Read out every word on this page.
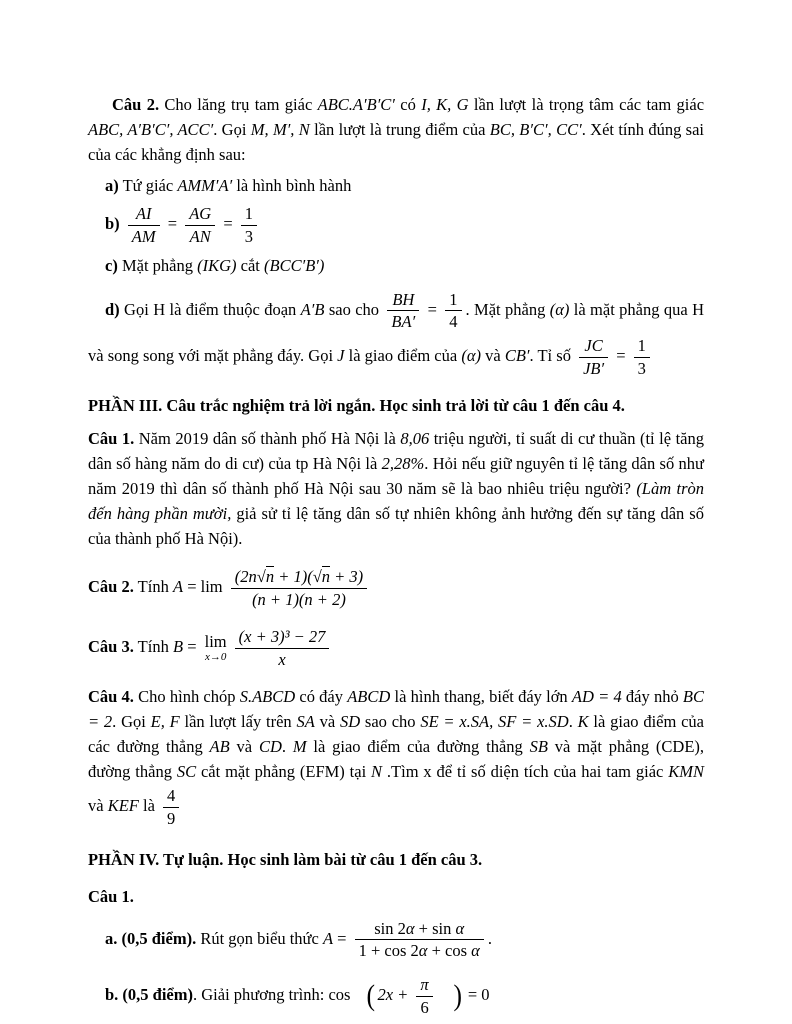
Câu 2. Cho lăng trụ tam giác ABC.A′B′C′ có I, K, G lần lượt là trọng tâm các tam giác ABC, A′B′C′, ACC′. Gọi M, M′, N lần lượt là trung điểm của BC, B′C′, CC′. Xét tính đúng sai của các khẳng định sau:
a) Tứ giác AMM′A′ là hình bình hành
$b) \frac{AI}{AM} = \frac{AG}{AN} = \frac{1}{3}$
c) Mặt phẳng (IKG) cắt (BCC′B′)
d) Gọi H là điểm thuộc đoạn A′B sao cho $\frac{BH}{BA'} = \frac{1}{4}$ . Mặt phẳng (α) là mặt phẳng qua H và song song với mặt phẳng đáy. Gọi J là giao điểm của (α) và CB′. Tỉ số $\frac{JC}{JB'} = \frac{1}{3}$
PHẦN III. Câu trắc nghiệm trả lời ngắn. Học sinh trả lời từ câu 1 đến câu 4.
Câu 1. Năm 2019 dân số thành phố Hà Nội là 8,06 triệu người, tỉ suất di cư thuần (tỉ lệ tăng dân số hàng năm do di cư) của tp Hà Nội là 2,28%. Hỏi nếu giữ nguyên tỉ lệ tăng dân số như năm 2019 thì dân số thành phố Hà Nội sau 30 năm sẽ là bao nhiêu triệu người? (Làm tròn đến hàng phần mười, giả sử tỉ lệ tăng dân số tự nhiên không ảnh hưởng đến sự tăng dân số của thành phố Hà Nội).
Câu 2. Tính $A = \lim \frac{(2n√n + 1)(√n + 3)}{(n + 1)(n + 2)}$
Câu 3. Tính B = lim
$x\to 0 \frac{\text{(x + 3)³ − 27}}{x}$
Câu 4. Cho hình chóp S.ABCD có đáy ABCD là hình thang, biết đáy lớn AD = 4 đáy nhỏ BC = 2. Gọi E, F lần lượt lấy trên SA và SD sao cho SE = x.SA, SF = x.SD. K là giao điểm của các đường thẳng AB và CD. M là giao điểm của đường thẳng SB và mặt phẳng (CDE), đường thẳng SC cắt mặt phẳng (EFM) tại N .Tìm x để tỉ số diện tích của hai tam giác KMN và KEF là $\frac{4}{9}$
PHẦN IV. Tự luận. Học sinh làm bài từ câu 1 đến câu 3.
Câu 1.
a. (0,5 điểm). Rút gọn biểu thức $A = \frac{\text{sin 2α + sin α}}{\text{1 + cos 2α + cos α}}$ .
b. (0,5 điểm). Giải phương trình: cos ( $2x + \frac{\pi}{6}$ ) = 0
